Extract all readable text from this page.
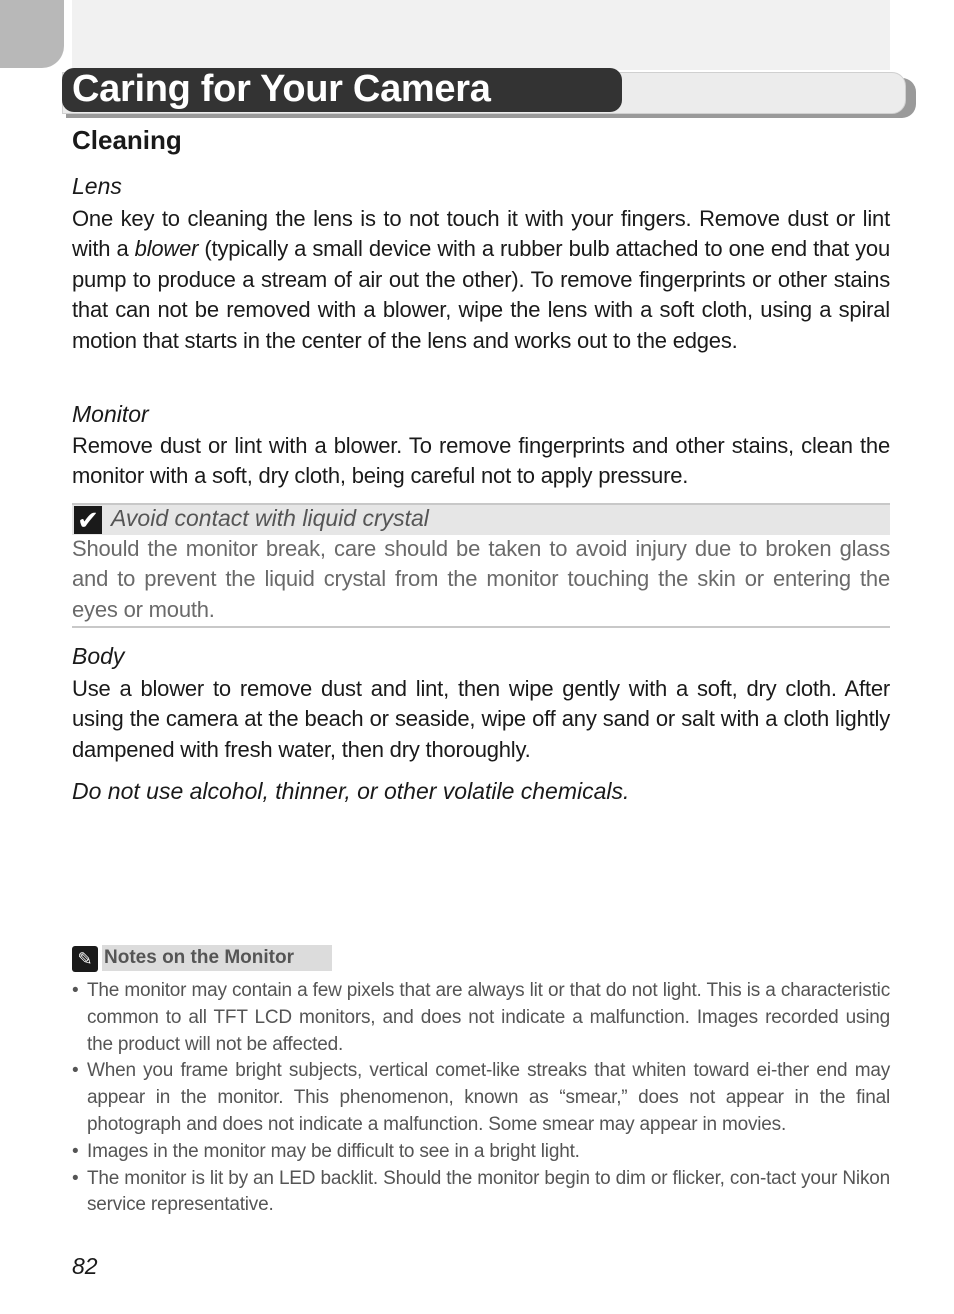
Caring for Your Camera
Cleaning

Lens

One key to cleaning the lens is to not touch it with your fingers. Remove dust or lint with a blower (typically a small device with a rubber bulb attached to one end that you pump to produce a stream of air out the other). To remove fingerprints or other stains that can not be removed with a blower, wipe the lens with a soft cloth, using a spiral motion that starts in the center of the lens and works out to the edges.

Monitor

Remove dust or lint with a blower. To remove fingerprints and other stains, clean the monitor with a soft, dry cloth, being careful not to apply pressure.

✔ Avoid contact with liquid crystal

Should the monitor break, care should be taken to avoid injury due to broken glass and to prevent the liquid crystal from the monitor touching the skin or entering the eyes or mouth.

Body

Use a blower to remove dust and lint, then wipe gently with a soft, dry cloth. After using the camera at the beach or seaside, wipe off any sand or salt with a cloth lightly dampened with fresh water, then dry thoroughly.

Do not use alcohol, thinner, or other volatile chemicals.

✎ Notes on the Monitor

• The monitor may contain a few pixels that are always lit or that do not light. This is a characteristic common to all TFT LCD monitors, and does not indicate a malfunction. Images recorded using the product will not be affected.
• When you frame bright subjects, vertical comet-like streaks that whiten toward ei-ther end may appear in the monitor. This phenomenon, known as “smear,” does not appear in the final photograph and does not indicate a malfunction. Some smear may appear in movies.
• Images in the monitor may be difficult to see in a bright light.
• The monitor is lit by an LED backlit. Should the monitor begin to dim or flicker, con-tact your Nikon service representative.

82
